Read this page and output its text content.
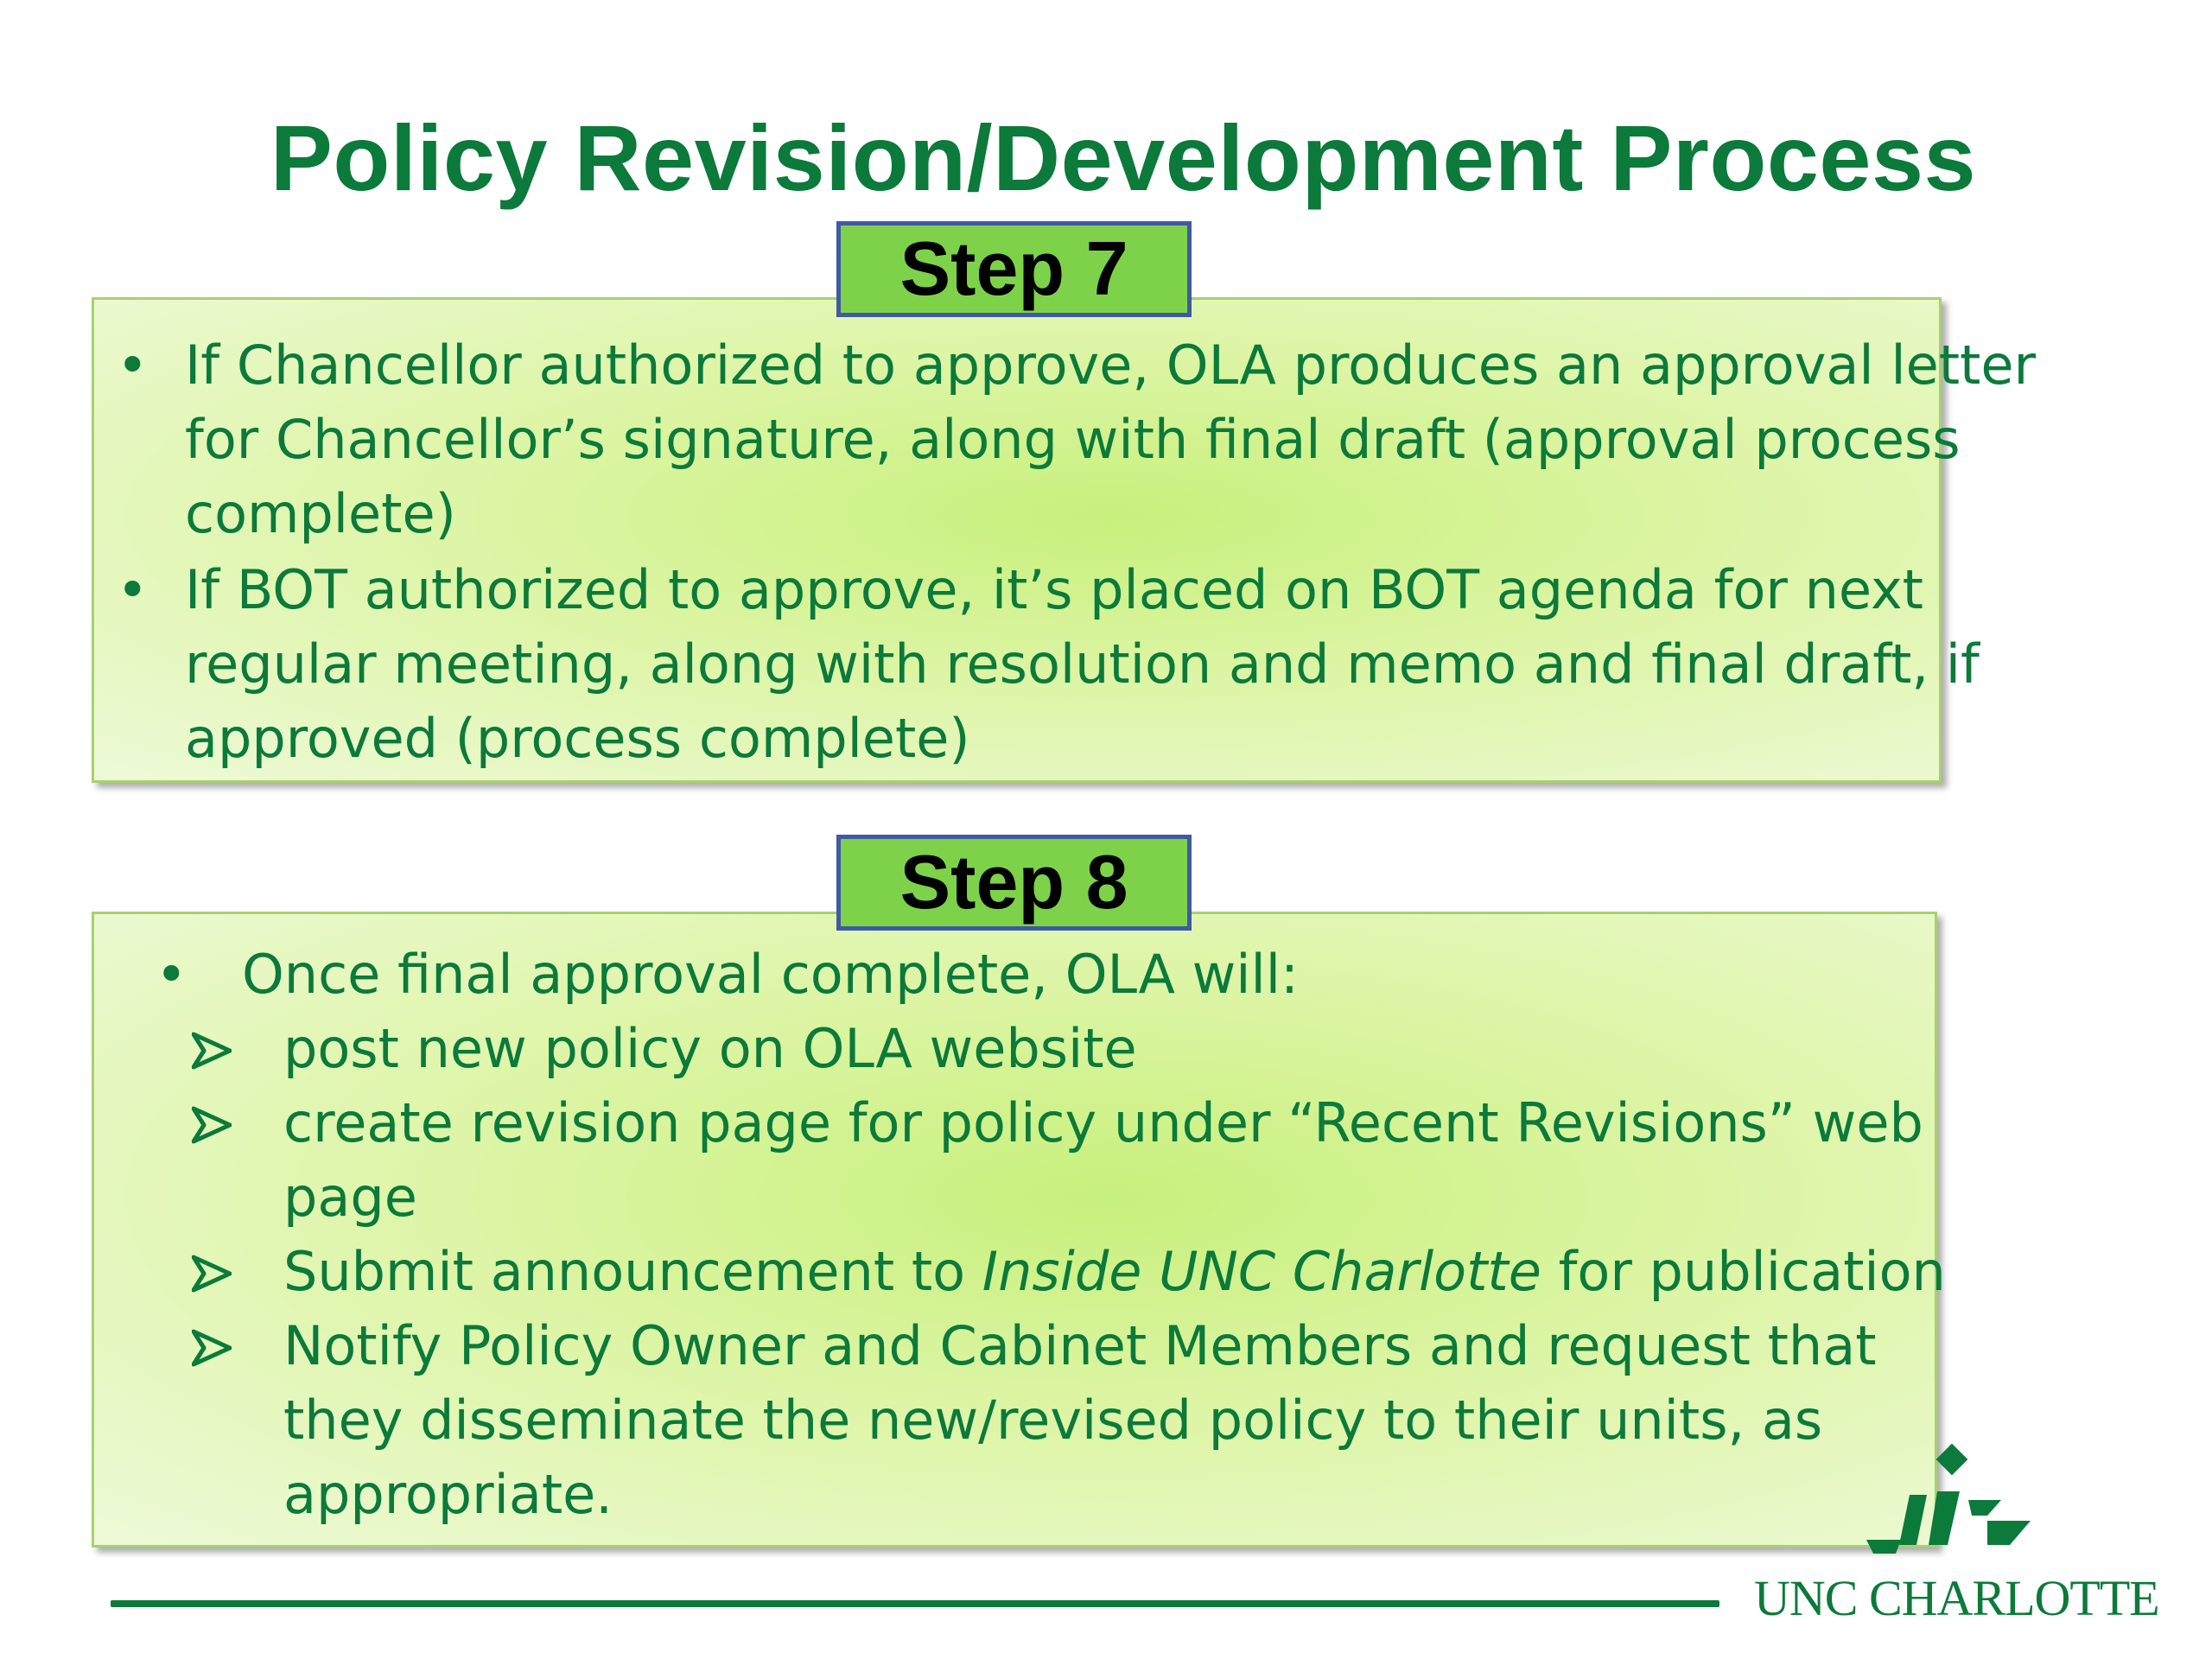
Policy Revision/Development Process
Step 7
• If Chancellor authorized to approve, OLA produces an approval letter
for Chancellor’s signature, along with final draft (approval process
complete)
• If BOT authorized to approve, it’s placed on BOT agenda for next
regular meeting, along with resolution and memo and final draft, if
approved (process complete)
Step 8
• Once final approval complete, OLA will:
post new policy on OLA website
create revision page for policy under “Recent Revisions” web
page
Submit announcement to Inside UNC Charlotte for publication
Notify Policy Owner and Cabinet Members and request that
they disseminate the new/revised policy to their units, as
appropriate.
UNC CHARLOTTE
